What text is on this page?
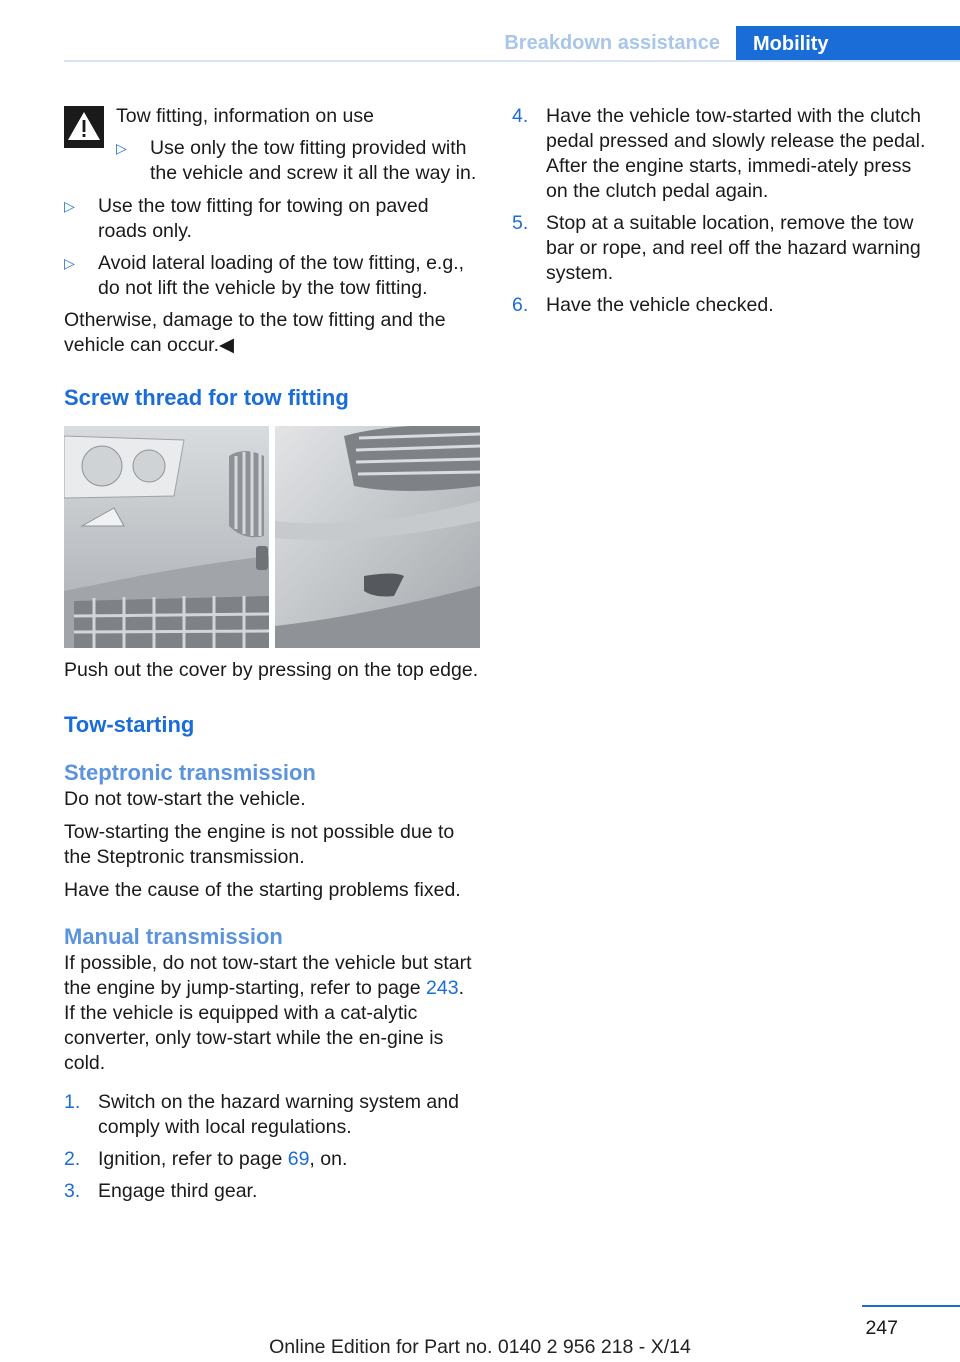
Breakdown assistance	Mobility

Tow fitting, information on use

▷ Use only the tow fitting provided with the vehicle and screw it all the way in.
▷ Use the tow fitting for towing on paved roads only.
▷ Avoid lateral loading of the tow fitting, e.g., do not lift the vehicle by the tow fitting.

Otherwise, damage to the tow fitting and the vehicle can occur.◀

Screw thread for tow fitting

Push out the cover by pressing on the top edge.

Tow-starting
Steptronic transmission

Do not tow-start the vehicle.

Tow-starting the engine is not possible due to the Steptronic transmission.

Have the cause of the starting problems fixed.

Manual transmission

If possible, do not tow-start the vehicle but start the engine by jump-starting, refer to page 243. If the vehicle is equipped with a cat‐alytic converter, only tow-start while the en‐gine is cold.

1. Switch on the hazard warning system and comply with local regulations.
2. Ignition, refer to page 69, on.
3. Engage third gear.
4. Have the vehicle tow-started with the clutch pedal pressed and slowly release the pedal. After the engine starts, immedi‐ately press on the clutch pedal again.
5. Stop at a suitable location, remove the tow bar or rope, and reel off the hazard warning system.
6. Have the vehicle checked.
247
Online Edition for Part no. 0140 2 956 218 - X/14
